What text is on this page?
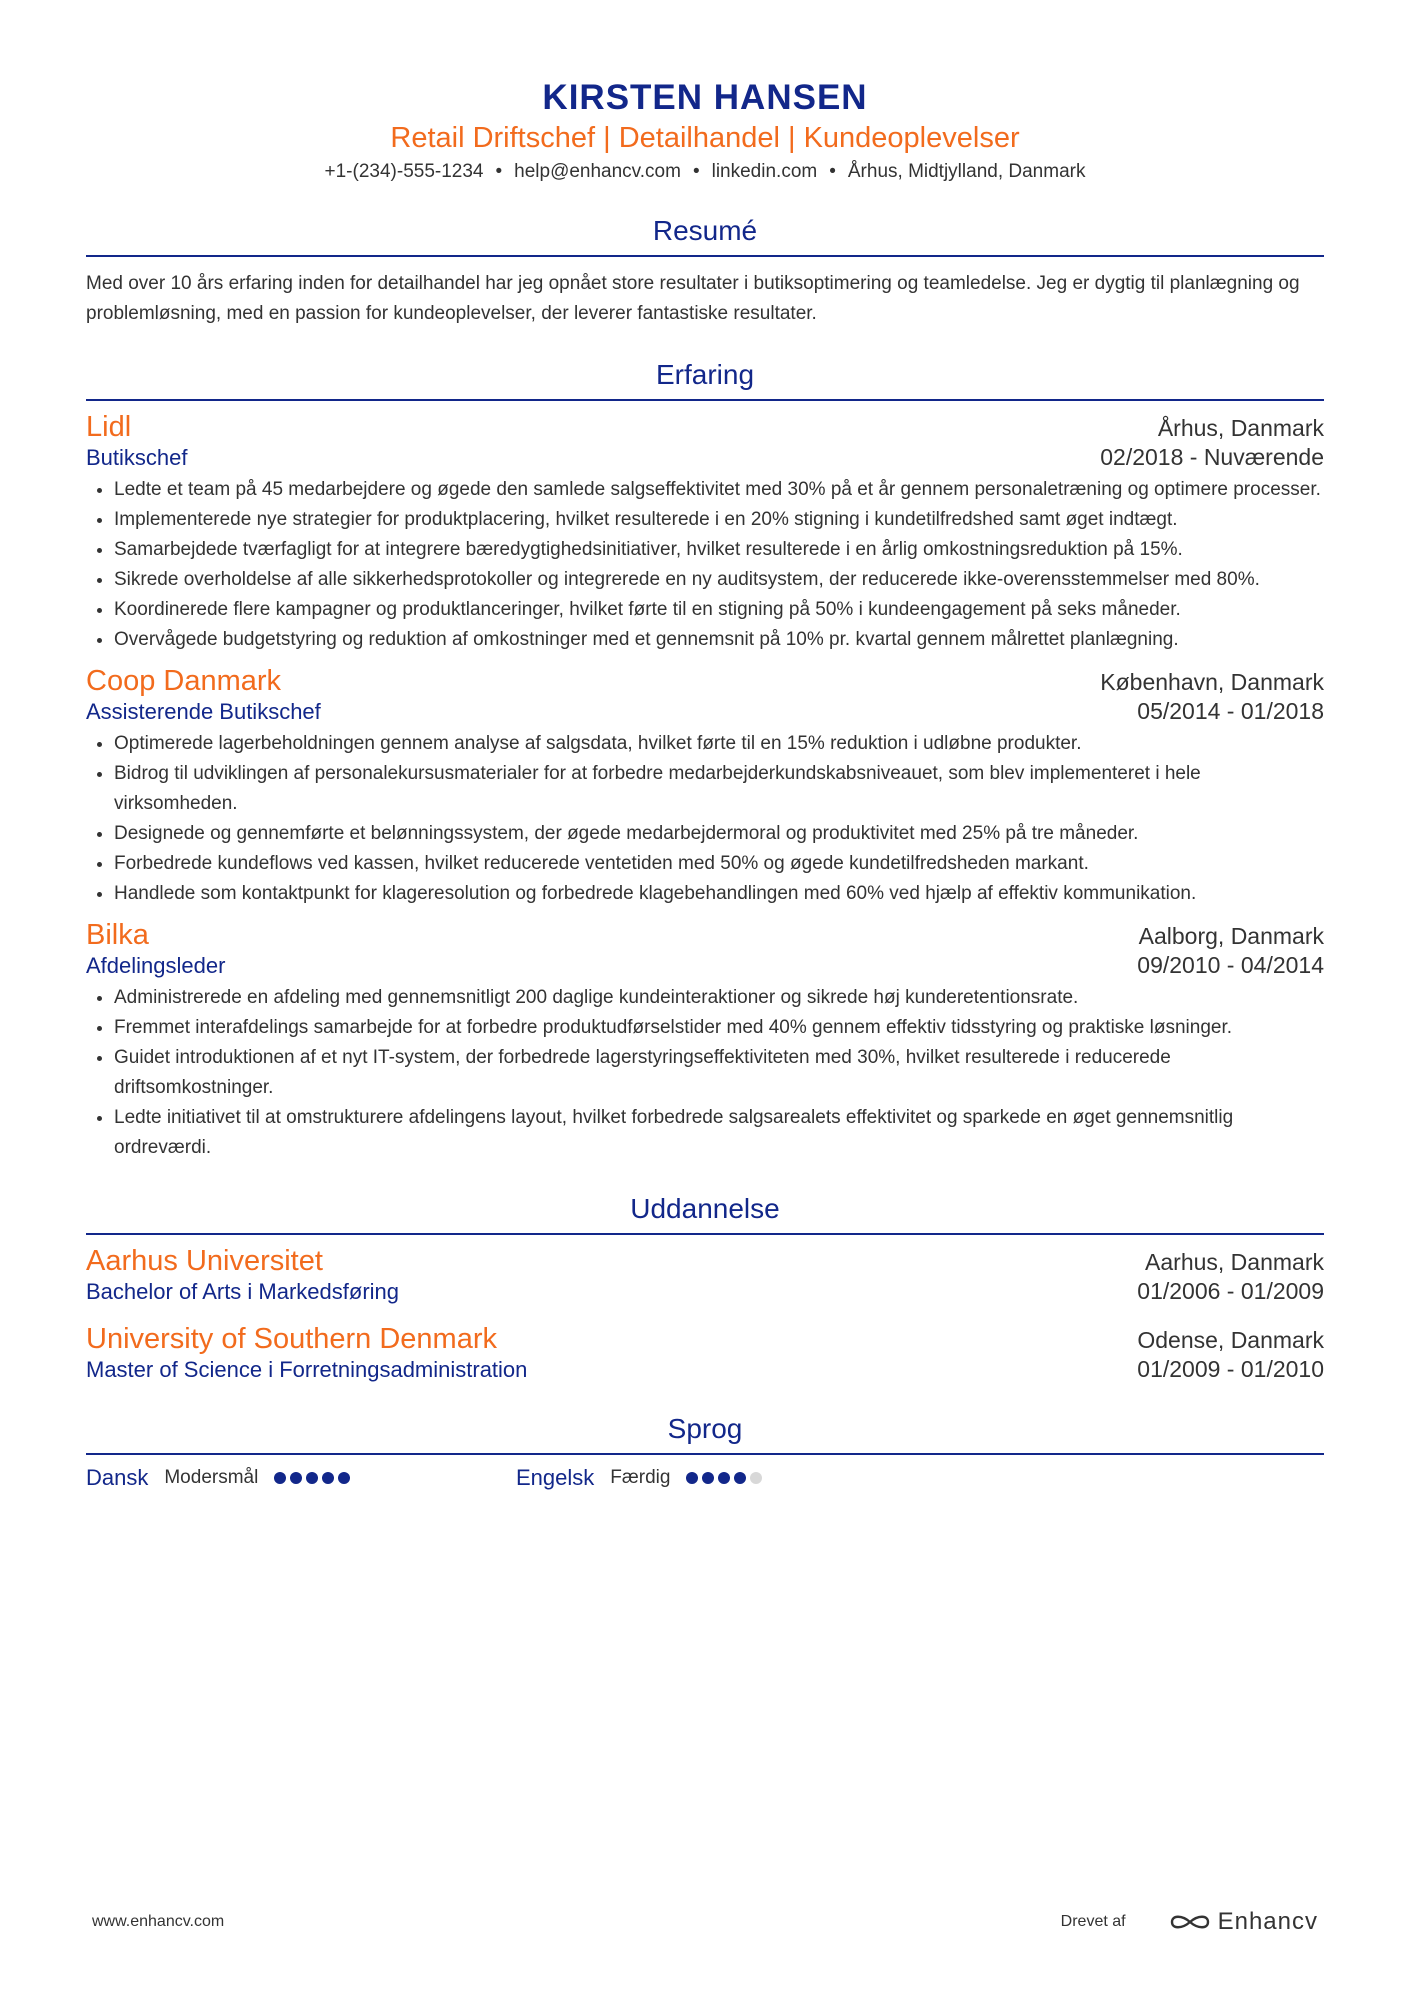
KIRSTEN HANSEN
Retail Driftschef | Detailhandel | Kundeoplevelser
+1-(234)-555-1234 • help@enhancv.com • linkedin.com • Århus, Midtjylland, Danmark
Resumé
Med over 10 års erfaring inden for detailhandel har jeg opnået store resultater i butiksoptimering og teamledelse. Jeg er dygtig til planlægning og problemløsning, med en passion for kundeoplevelser, der leverer fantastiske resultater.
Erfaring
Lidl	Århus, Danmark
Butikschef	02/2018 - Nuværende
• Ledte et team på 45 medarbejdere og øgede den samlede salgseffektivitet med 30% på et år gennem personaletræning og optimere processer.
• Implementerede nye strategier for produktplacering, hvilket resulterede i en 20% stigning i kundetilfredshed samt øget indtægt.
• Samarbejdede tværfagligt for at integrere bæredygtighedsinitiativer, hvilket resulterede i en årlig omkostningsreduktion på 15%.
• Sikrede overholdelse af alle sikkerhedsprotokoller og integrerede en ny auditsystem, der reducerede ikke-overensstemmelser med 80%.
• Koordinerede flere kampagner og produktlanceringer, hvilket førte til en stigning på 50% i kundeengagement på seks måneder.
• Overvågede budgetstyring og reduktion af omkostninger med et gennemsnit på 10% pr. kvartal gennem målrettet planlægning.
Coop Danmark	København, Danmark
Assisterende Butikschef	05/2014 - 01/2018
• Optimerede lagerbeholdningen gennem analyse af salgsdata, hvilket førte til en 15% reduktion i udløbne produkter.
• Bidrog til udviklingen af personalekursusmaterialer for at forbedre medarbejderkundskabsniveauet, som blev implementeret i hele virksomheden.
• Designede og gennemførte et belønningssystem, der øgede medarbejdermoral og produktivitet med 25% på tre måneder.
• Forbedrede kundeflows ved kassen, hvilket reducerede ventetiden med 50% og øgede kundetilfredsheden markant.
• Handlede som kontaktpunkt for klageresolution og forbedrede klagebehandlingen med 60% ved hjælp af effektiv kommunikation.
Bilka	Aalborg, Danmark
Afdelingsleder	09/2010 - 04/2014
• Administrerede en afdeling med gennemsnitligt 200 daglige kundeinteraktioner og sikrede høj kunderetentionsrate.
• Fremmet interafdelings samarbejde for at forbedre produktudførselstider med 40% gennem effektiv tidsstyring og praktiske løsninger.
• Guidet introduktionen af et nyt IT-system, der forbedrede lagerstyringseffektiviteten med 30%, hvilket resulterede i reducerede driftsomkostninger.
• Ledte initiativet til at omstrukturere afdelingens layout, hvilket forbedrede salgsarealets effektivitet og sparkede en øget gennemsnitlig ordreværdi.
Uddannelse
Aarhus Universitet	Aarhus, Danmark
Bachelor of Arts i Markedsføring	01/2006 - 01/2009
University of Southern Denmark	Odense, Danmark
Master of Science i Forretningsadministration	01/2009 - 01/2010
Sprog
Dansk Modersmål	Engelsk Færdig
www.enhancv.com	Drevet af	Enhancv
